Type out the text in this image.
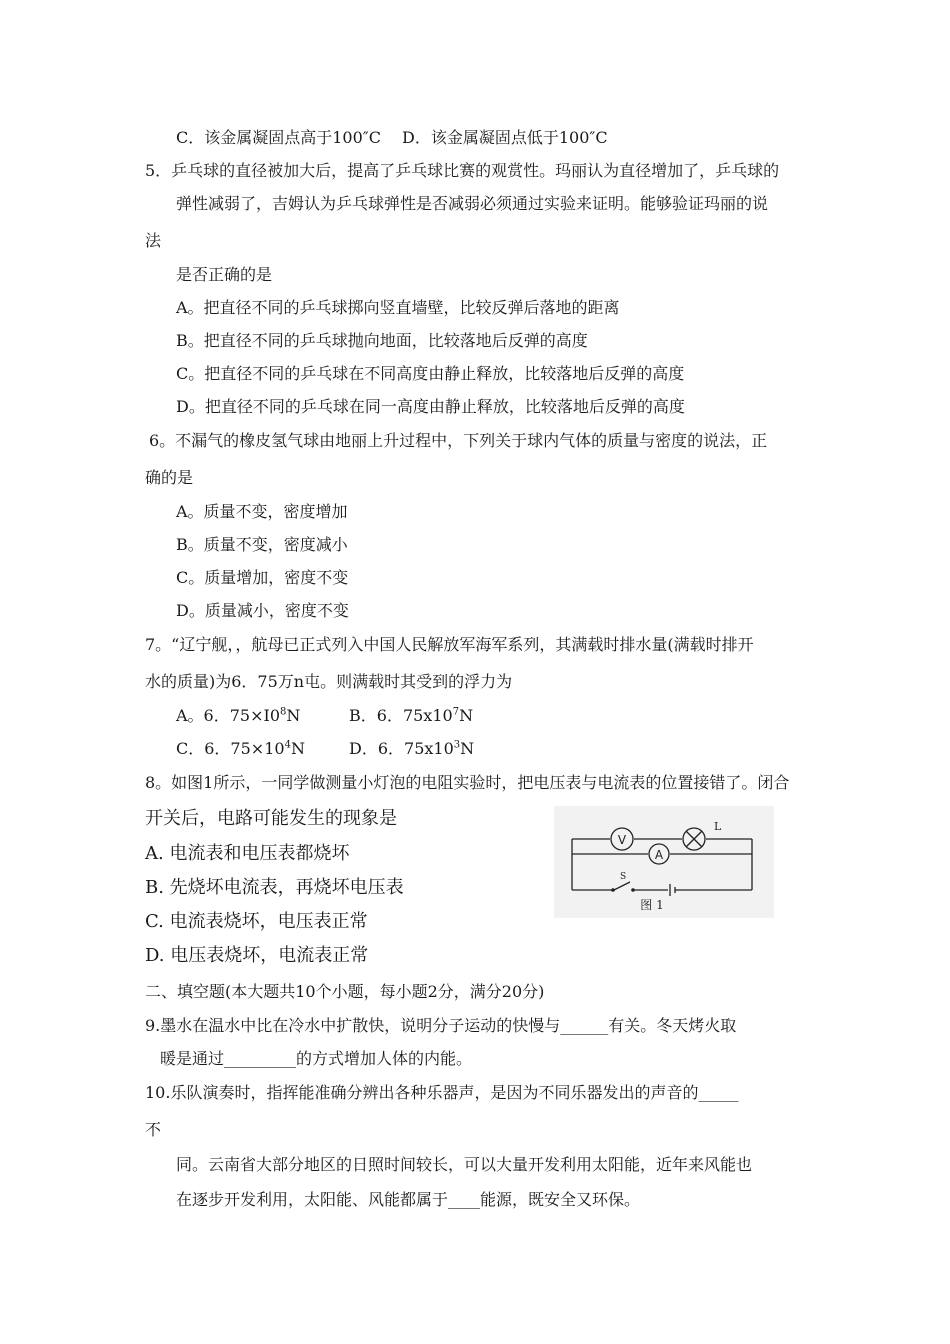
C．该金属凝固点高于100″C D．该金属凝固点低于100″C
5．乒乓球的直径被加大后，提高了乒乓球比赛的观赏性。玛丽认为直径增加了，乒乓球的
弹性减弱了，吉姆认为乒乓球弹性是否减弱必须通过实验来证明。能够验证玛丽的说
法
是否正确的是
A。把直径不同的乒乓球掷向竖直墙壁，比较反弹后落地的距离
B。把直径不同的乒乓球抛向地面，比较落地后反弹的高度
C。把直径不同的乒乓球在不同高度由静止释放，比较落地后反弹的高度
D。把直径不同的乒乓球在同一高度由静止释放，比较落地后反弹的高度
6。不漏气的橡皮氢气球由地丽上升过程中，下列关于球内气体的质量与密度的说法，正
确的是
A。质量不变，密度增加
B。质量不变，密度减小
C。质量增加，密度不变
D。质量减小，密度不变
7。“辽宁舰，，航母已正式列入中国人民解放军海军系列，其满载时排水量(满载时排开
水的质量)为6．75万n屯。则满载时其受到的浮力为
A。6．$75\times I0^8N$	B．6．$75x10^7N$
C．6．$75\times 10^4N$	D．6．$75x10^3N$
8。如图1所示，一同学做测量小灯泡的电阻实验时，把电压表与电流表的位置接错了。闭合
开关后，电路可能发生的现象是
A. 电流表和电压表都烧坏
B. 先烧坏电流表，再烧坏电压表
C. 电流表烧坏，电压表正常
D. 电压表烧坏，电流表正常
V
L
A
S
图 1
二、填空题(本大题共10个小题，每小题2分，满分20分)
9.墨水在温水中比在冷水中扩散快，说明分子运动的快慢与______有关。冬天烤火取
暖是通过_________的方式增加人体的内能。
10.乐队演奏时，指挥能准确分辨出各种乐器声，是因为不同乐器发出的声音的_____
不
同。云南省大部分地区的日照时间较长，可以大量开发利用太阳能，近年来风能也
在逐步开发利用，太阳能、风能都属于____能源，既安全又环保。
